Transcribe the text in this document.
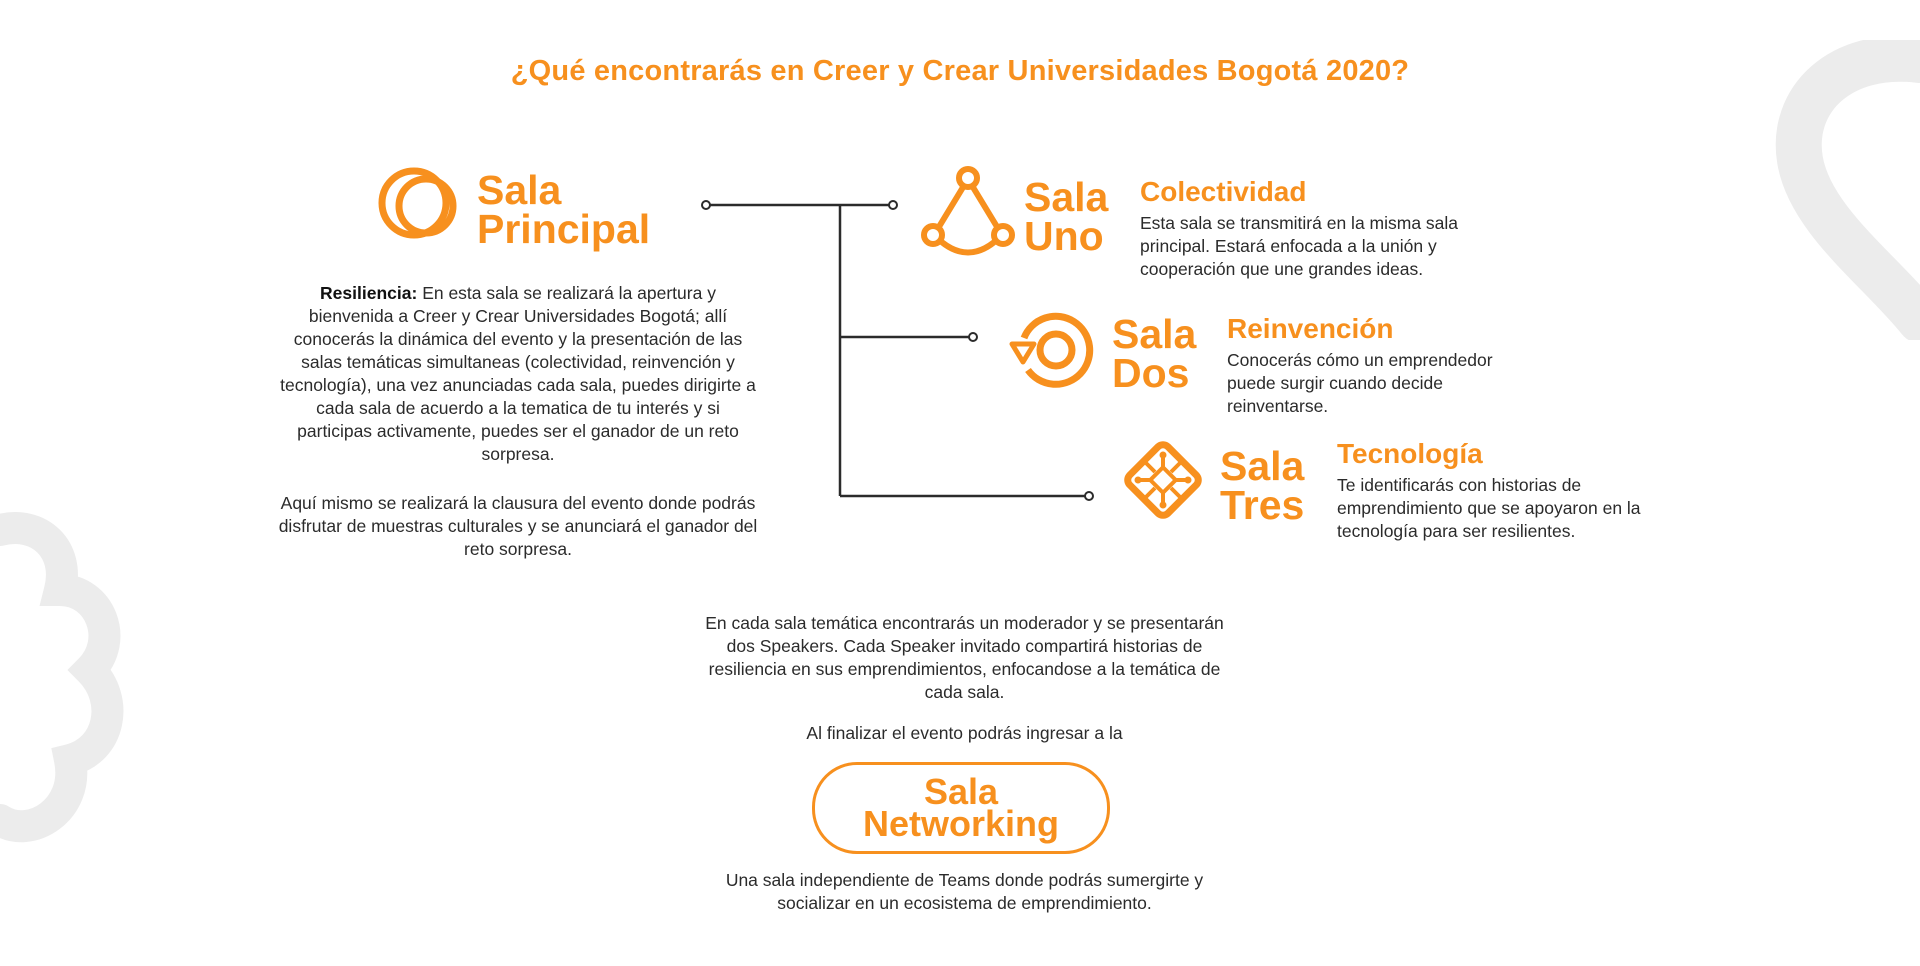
¿Qué encontrarás en Creer y Crear Universidades Bogotá 2020?
Sala
Principal

Resiliencia: En esta sala se realizará la apertura y bienvenida a Creer y Crear Universidades Bogotá; allí conocerás la dinámica del evento y la presentación de las salas temáticas simultaneas (colectividad, reinvención y tecnología), una vez anunciadas cada sala, puedes dirigirte a cada sala de acuerdo a la tematica de tu interés y si participas activamente, puedes ser el ganador de un reto sorpresa.

Aquí mismo se realizará la clausura del evento donde podrás disfrutar de muestras culturales y se anunciará el ganador del reto sorpresa.

Sala
Uno
Colectividad
Esta sala se transmitirá en la misma sala principal. Estará enfocada a la unión y cooperación que une grandes ideas.
Sala
Dos
Reinvención
Conocerás cómo un emprendedor puede surgir cuando decide reinventarse.
Sala
Tres
Tecnología
Te identificarás con historias de emprendimiento que se apoyaron en la tecnología para ser resilientes.
En cada sala temática encontrarás un moderador y se presentarán dos Speakers. Cada Speaker invitado compartirá historias de resiliencia en sus emprendimientos, enfocandose a la temática de cada sala.
Al finalizar el evento podrás ingresar a la
Sala
Networking
Una sala independiente de Teams donde podrás sumergirte y socializar en un ecosistema de emprendimiento.
